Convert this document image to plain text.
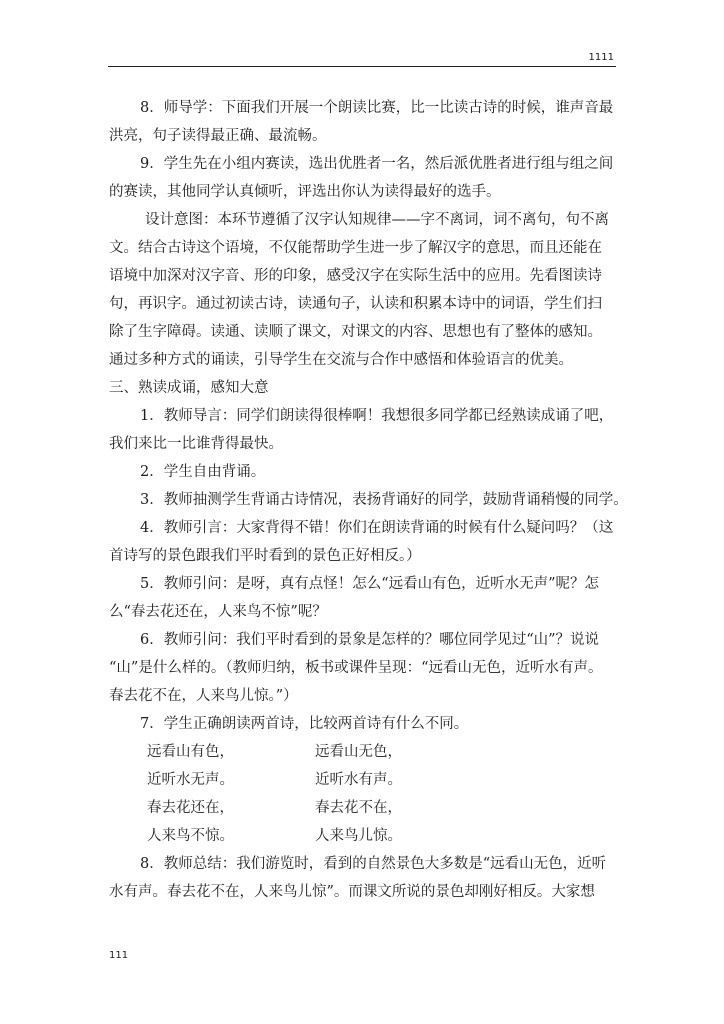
1111
8．师导学：下面我们开展一个朗读比赛，比一比读古诗的时候，谁声音最
洪亮，句子读得最正确、最流畅。
9．学生先在小组内赛读，选出优胜者一名，然后派优胜者进行组与组之间
的赛读，其他同学认真倾听，评选出你认为读得最好的选手。
设计意图：本环节遵循了汉字认知规律——字不离词，词不离句，句不离
文。结合古诗这个语境，不仅能帮助学生进一步了解汉字的意思，而且还能在
语境中加深对汉字音、形的印象，感受汉字在实际生活中的应用。先看图读诗
句，再识字。通过初读古诗，读通句子，认读和积累本诗中的词语，学生们扫
除了生字障碍。读通、读顺了课文，对课文的内容、思想也有了整体的感知。
通过多种方式的诵读，引导学生在交流与合作中感悟和体验语言的优美。
三、熟读成诵，感知大意
1．教师导言：同学们朗读得很棒啊！我想很多同学都已经熟读成诵了吧，
我们来比一比谁背得最快。
2．学生自由背诵。
3．教师抽测学生背诵古诗情况，表扬背诵好的同学，鼓励背诵稍慢的同学。
4．教师引言：大家背得不错！你们在朗读背诵的时候有什么疑问吗？（这
首诗写的景色跟我们平时看到的景色正好相反。）
5．教师引问：是呀，真有点怪！怎么“远看山有色，近听水无声”呢？怎
么“春去花还在，人来鸟不惊”呢？
6．教师引问：我们平时看到的景象是怎样的？哪位同学见过“山”？说说
“山”是什么样的。（教师归纳，板书或课件呈现：“远看山无色，近听水有声。
春去花不在，人来鸟儿惊。”）
7．学生正确朗读两首诗，比较两首诗有什么不同。
远看山有色，	远看山无色，
近听水无声。	近听水有声。
春去花还在，	春去花不在，
人来鸟不惊。	人来鸟儿惊。
8．教师总结：我们游览时，看到的自然景色大多数是“远看山无色，近听
水有声。春去花不在，人来鸟儿惊”。而课文所说的景色却刚好相反。大家想
111
